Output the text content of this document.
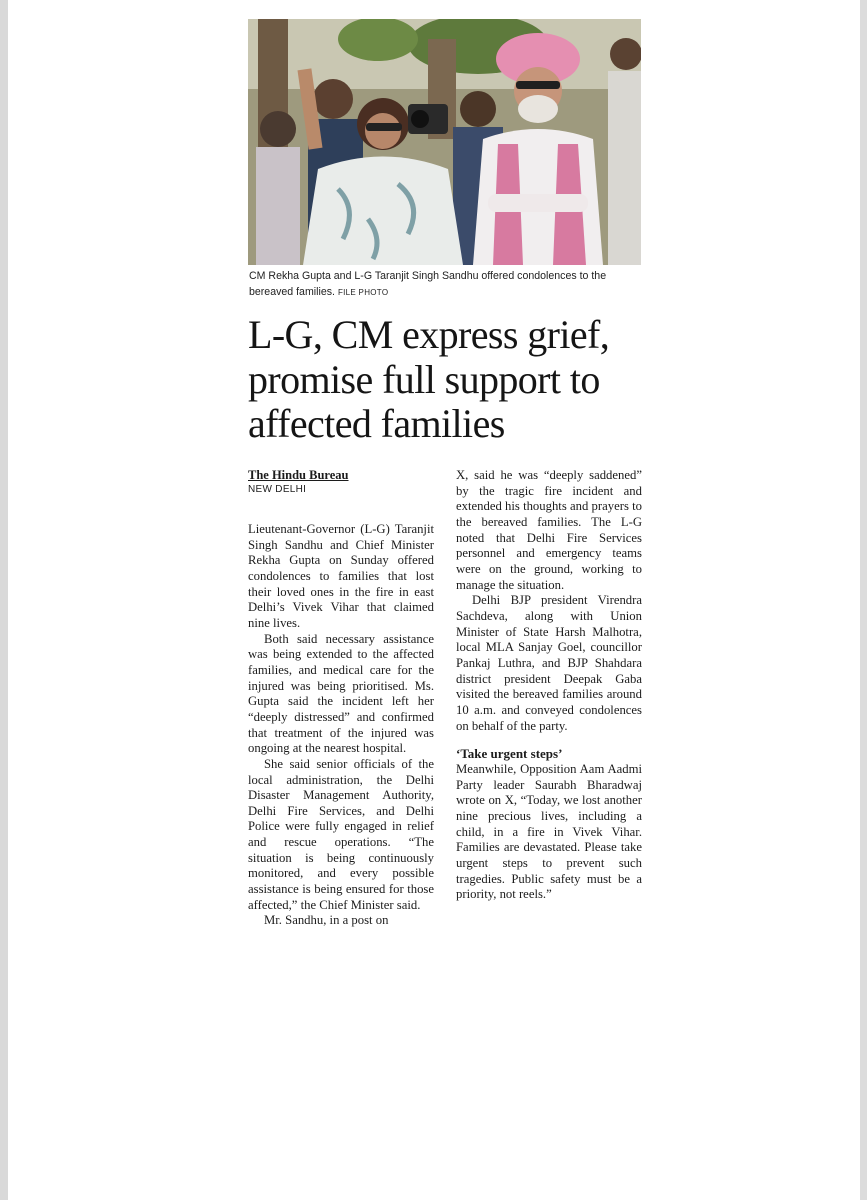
CM Rekha Gupta and L-G Taranjit Singh Sandhu offered condolences to the bereaved families. FILE PHOTO
L-G, CM express grief, promise full support to affected families
The Hindu Bureau
NEW DELHI

Lieutenant-Governor (L-G) Taranjit Singh Sandhu and Chief Minister Rekha Gupta on Sunday offered condolences to families that lost their loved ones in the fire in east Delhi’s Vivek Vihar that claimed nine lives.

Both said necessary assistance was being extended to the affected families, and medical care for the injured was being prioritised. Ms. Gupta said the incident left her “deeply distressed” and confirmed that treatment of the injured was ongoing at the nearest hospital.

She said senior officials of the local administration, the Delhi Disaster Management Authority, Delhi Fire Services, and Delhi Police were fully engaged in relief and rescue operations. “The situation is being continuously monitored, and every possible assistance is being ensured for those affected,” the Chief Minister said.

Mr. Sandhu, in a post on

X, said he was “deeply saddened” by the tragic fire incident and extended his thoughts and prayers to the bereaved families. The L-G noted that Delhi Fire Services personnel and emergency teams were on the ground, working to manage the situation.

Delhi BJP president Virendra Sachdeva, along with Union Minister of State Harsh Malhotra, local MLA Sanjay Goel, councillor Pankaj Luthra, and BJP Shahdara district president Deepak Gaba visited the bereaved families around 10 a.m. and conveyed condolences on behalf of the party.

‘Take urgent steps’

Meanwhile, Opposition Aam Aadmi Party leader Saurabh Bharadwaj wrote on X, “Today, we lost another nine precious lives, including a child, in a fire in Vivek Vihar. Families are devastated. Please take urgent steps to prevent such tragedies. Public safety must be a priority, not reels.”
